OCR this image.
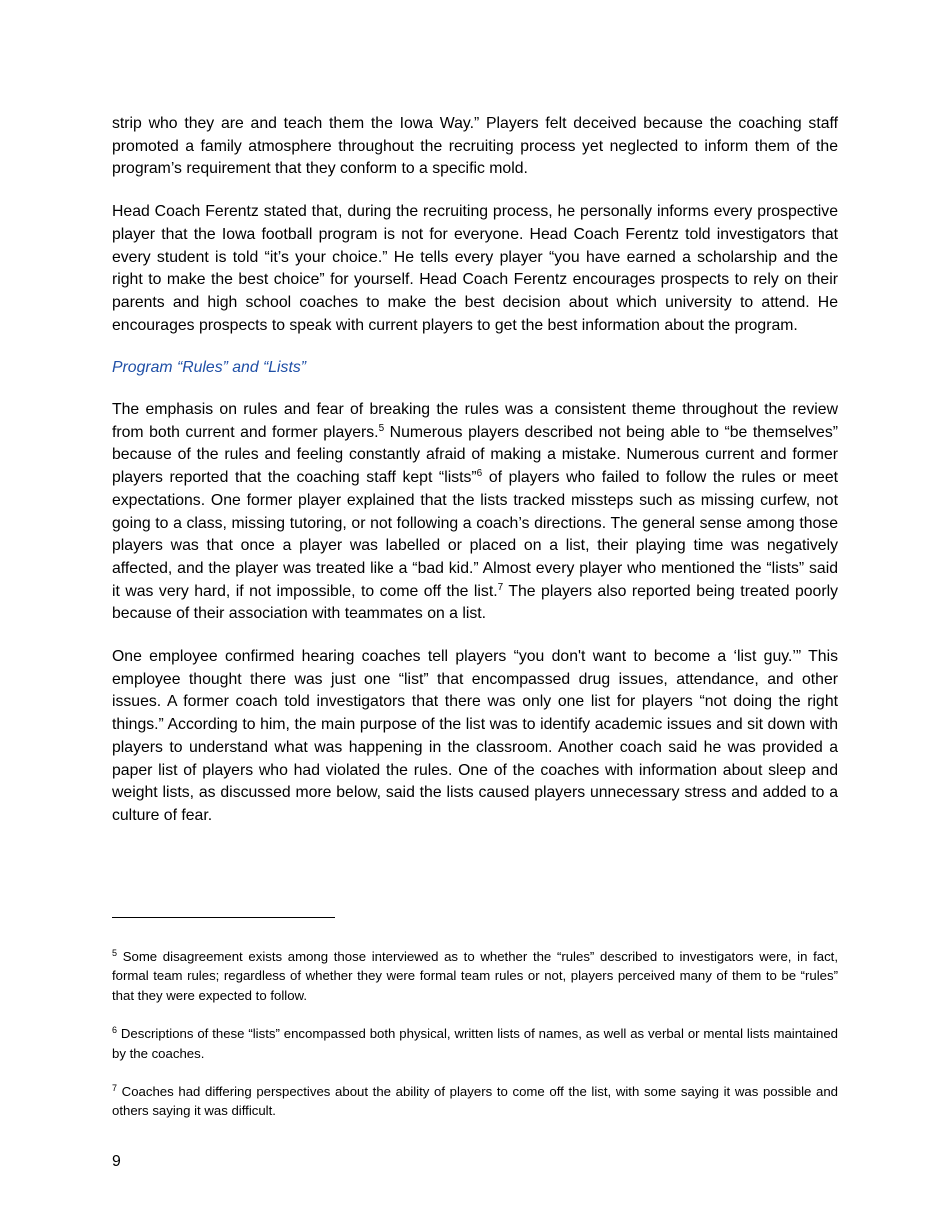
strip who they are and teach them the Iowa Way.” Players felt deceived because the coaching staff promoted a family atmosphere throughout the recruiting process yet neglected to inform them of the program’s requirement that they conform to a specific mold.

Head Coach Ferentz stated that, during the recruiting process, he personally informs every prospective player that the Iowa football program is not for everyone. Head Coach Ferentz told investigators that every student is told “it’s your choice.” He tells every player “you have earned a scholarship and the right to make the best choice” for yourself. Head Coach Ferentz encourages prospects to rely on their parents and high school coaches to make the best decision about which university to attend. He encourages prospects to speak with current players to get the best information about the program.

Program “Rules” and “Lists”

The emphasis on rules and fear of breaking the rules was a consistent theme throughout the review from both current and former players.$^5$ Numerous players described not being able to “be themselves” because of the rules and feeling constantly afraid of making a mistake. Numerous current and former players reported that the coaching staff kept “lists”$^6$ of players who failed to follow the rules or meet expectations. One former player explained that the lists tracked missteps such as missing curfew, not going to a class, missing tutoring, or not following a coach’s directions. The general sense among those players was that once a player was labelled or placed on a list, their playing time was negatively affected, and the player was treated like a “bad kid.” Almost every player who mentioned the “lists” said it was very hard, if not impossible, to come off the list.$^7$ The players also reported being treated poorly because of their association with teammates on a list.

One employee confirmed hearing coaches tell players “you don't want to become a ‘list guy.’” This employee thought there was just one “list” that encompassed drug issues, attendance, and other issues. A former coach told investigators that there was only one list for players “not doing the right things.” According to him, the main purpose of the list was to identify academic issues and sit down with players to understand what was happening in the classroom. Another coach said he was provided a paper list of players who had violated the rules. One of the coaches with information about sleep and weight lists, as discussed more below, said the lists caused players unnecessary stress and added to a culture of fear.

$^5$ Some disagreement exists among those interviewed as to whether the “rules” described to investigators were, in fact, formal team rules; regardless of whether they were formal team rules or not, players perceived many of them to be “rules” that they were expected to follow.

$^6$ Descriptions of these “lists” encompassed both physical, written lists of names, as well as verbal or mental lists maintained by the coaches.

$^7$ Coaches had differing perspectives about the ability of players to come off the list, with some saying it was possible and others saying it was difficult.

9
